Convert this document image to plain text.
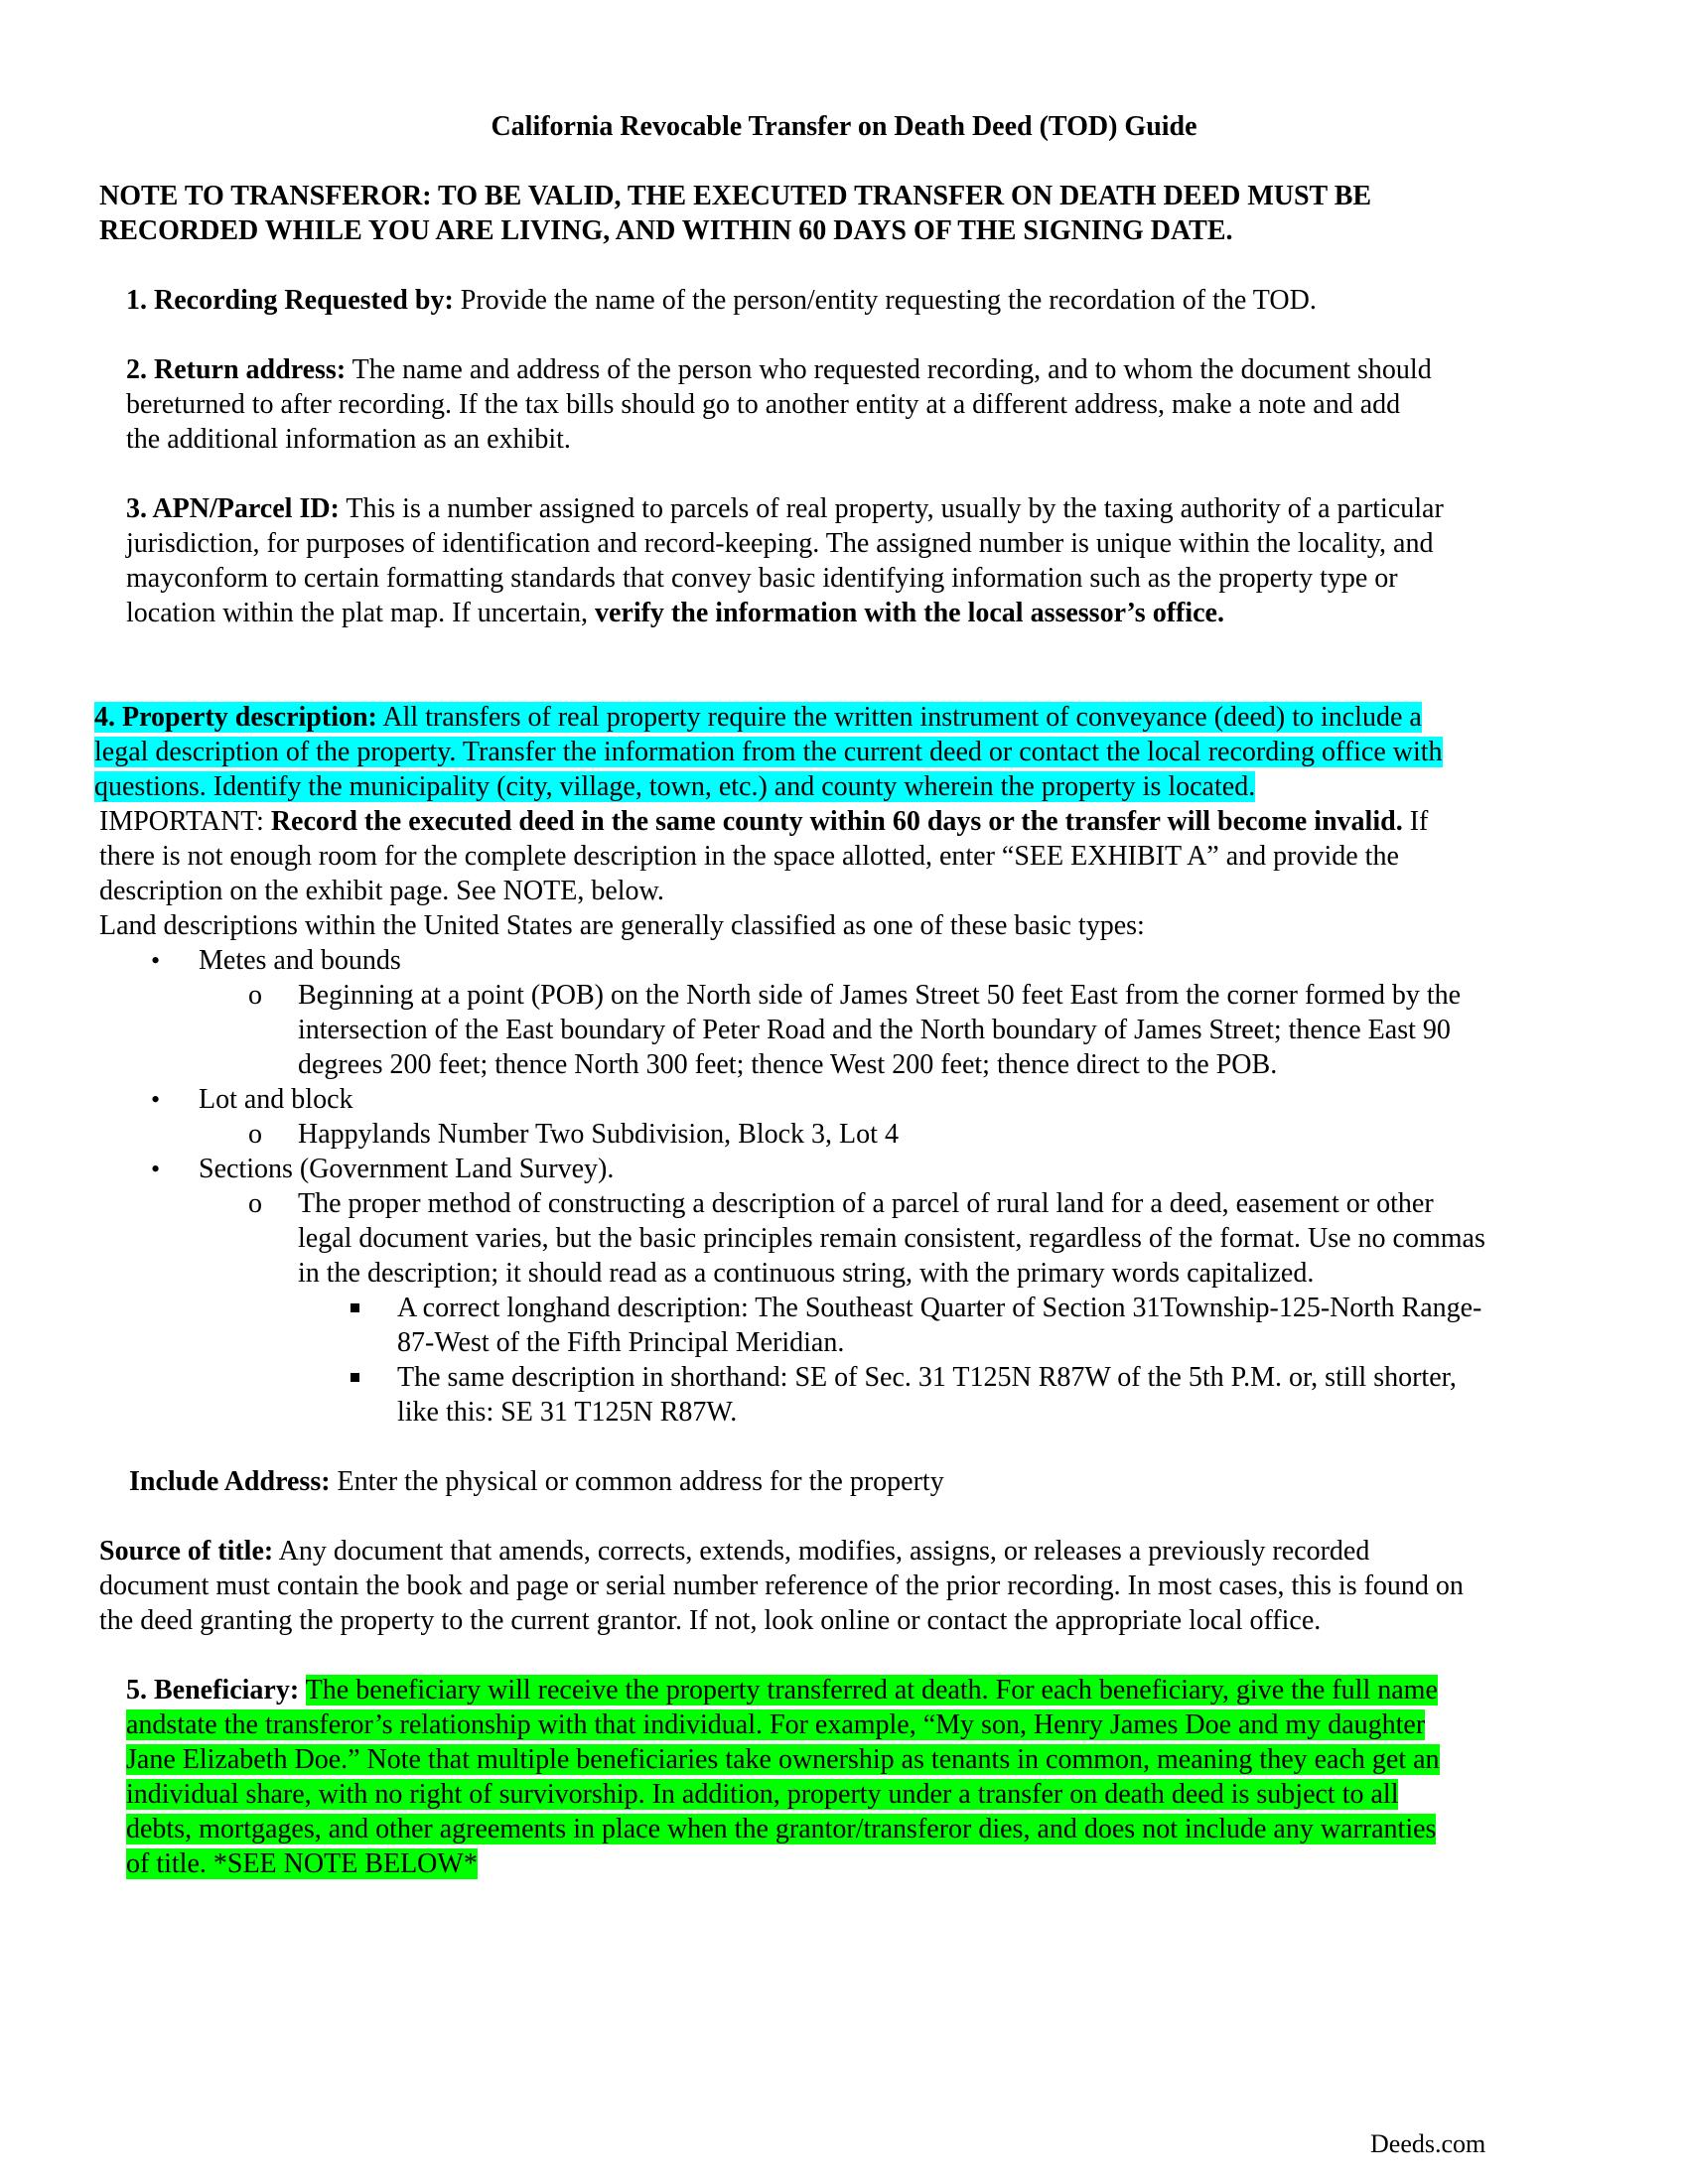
California Revocable Transfer on Death Deed (TOD) Guide
NOTE TO TRANSFEROR: TO BE VALID, THE EXECUTED TRANSFER ON DEATH DEED MUST BE
RECORDED WHILE YOU ARE LIVING, AND WITHIN 60 DAYS OF THE SIGNING DATE.
1. Recording Requested by: Provide the name of the person/entity requesting the recordation of the TOD.
2. Return address: The name and address of the person who requested recording, and to whom the document should
bereturned to after recording. If the tax bills should go to another entity at a different address, make a note and add
the additional information as an exhibit.
3. APN/Parcel ID: This is a number assigned to parcels of real property, usually by the taxing authority of a particular
jurisdiction, for purposes of identification and record-keeping. The assigned number is unique within the locality, and
mayconform to certain formatting standards that convey basic identifying information such as the property type or
location within the plat map. If uncertain, verify the information with the local assessor’s office.
4. Property description: All transfers of real property require the written instrument of conveyance (deed) to include a
legal description of the property. Transfer the information from the current deed or contact the local recording office with
questions. Identify the municipality (city, village, town, etc.) and county wherein the property is located.
IMPORTANT: Record the executed deed in the same county within 60 days or the transfer will become invalid. If
there is not enough room for the complete description in the space allotted, enter “SEE EXHIBIT A” and provide the
description on the exhibit page. See NOTE, below.
Land descriptions within the United States are generally classified as one of these basic types:
• Metes and bounds
o Beginning at a point (POB) on the North side of James Street 50 feet East from the corner formed by the
intersection of the East boundary of Peter Road and the North boundary of James Street; thence East 90
degrees 200 feet; thence North 300 feet; thence West 200 feet; thence direct to the POB.
• Lot and block
o Happylands Number Two Subdivision, Block 3, Lot 4
• Sections (Government Land Survey).
o The proper method of constructing a description of a parcel of rural land for a deed, easement or other
legal document varies, but the basic principles remain consistent, regardless of the format. Use no commas
in the description; it should read as a continuous string, with the primary words capitalized.
A correct longhand description: The Southeast Quarter of Section 31Township-125-North Range-
87-West of the Fifth Principal Meridian.
The same description in shorthand: SE of Sec. 31 T125N R87W of the 5th P.M. or, still shorter,
like this: SE 31 T125N R87W.
Include Address: Enter the physical or common address for the property
Source of title: Any document that amends, corrects, extends, modifies, assigns, or releases a previously recorded
document must contain the book and page or serial number reference of the prior recording. In most cases, this is found on
the deed granting the property to the current grantor. If not, look online or contact the appropriate local office.
5. Beneficiary: The beneficiary will receive the property transferred at death. For each beneficiary, give the full name
andstate the transferor’s relationship with that individual. For example, “My son, Henry James Doe and my daughter
Jane Elizabeth Doe.” Note that multiple beneficiaries take ownership as tenants in common, meaning they each get an
individual share, with no right of survivorship. In addition, property under a transfer on death deed is subject to all
debts, mortgages, and other agreements in place when the grantor/transferor dies, and does not include any warranties
of title. *SEE NOTE BELOW*
Deeds.com
